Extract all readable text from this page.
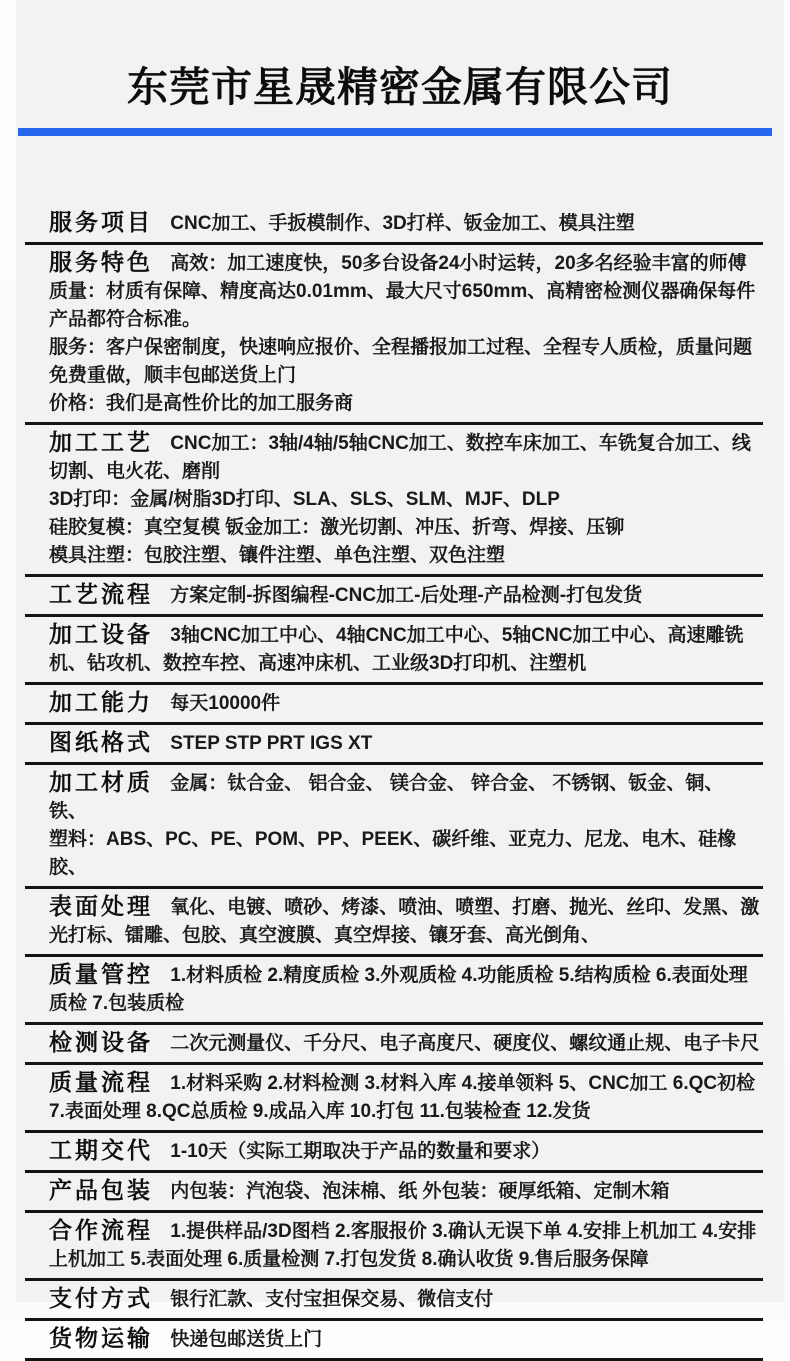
东莞市星晟精密金属有限公司
服务项目 CNC加工、手扳模制作、3D打样、钣金加工、模具注塑
服务特色 高效：加工速度快，50多台设备24小时运转，20多名经验丰富的师傅
质量：材质有保障、精度高达0.01mm、最大尺寸650mm、高精密检测仪器确保每件产品都符合标准。
服务：客户保密制度，快速响应报价、全程播报加工过程、全程专人质检，质量问题免费重做，顺丰包邮送货上门
价格：我们是高性价比的加工服务商
加工工艺 CNC加工：3轴/4轴/5轴CNC加工、数控车床加工、车铣复合加工、线切割、电火花、磨削
3D打印：金属/树脂3D打印、SLA、SLS、SLM、MJF、DLP
硅胶复模：真空复模 钣金加工：激光切割、冲压、折弯、焊接、压铆
模具注塑：包胶注塑、镶件注塑、单色注塑、双色注塑
工艺流程 方案定制-拆图编程-CNC加工-后处理-产品检测-打包发货
加工设备 3轴CNC加工中心、4轴CNC加工中心、5轴CNC加工中心、高速雕铣机、钻攻机、数控车控、高速冲床机、工业级3D打印机、注塑机
加工能力 每天10000件
图纸格式 STEP STP PRT IGS XT
加工材质 金属：钛合金、 铝合金、 镁合金、 锌合金、 不锈钢、钣金、铜、 铁、
塑料：ABS、PC、PE、POM、PP、PEEK、碳纤维、亚克力、尼龙、电木、硅橡胶、
表面处理 氧化、电镀、喷砂、烤漆、喷油、喷塑、打磨、抛光、丝印、发黑、激光打标、镭雕、包胶、真空渡膜、真空焊接、镶牙套、高光倒角、
质量管控 1.材料质检 2.精度质检 3.外观质检 4.功能质检 5.结构质检 6.表面处理质检 7.包装质检
检测设备 二次元测量仪、千分尺、电子高度尺、硬度仪、螺纹通止规、电子卡尺
质量流程 1.材料采购 2.材料检测 3.材料入库 4.接单领料 5、CNC加工 6.QC初检 7.表面处理 8.QC总质检 9.成品入库 10.打包 11.包装检查 12.发货
工期交代 1-10天（实际工期取决于产品的数量和要求）
产品包装 内包装：汽泡袋、泡沫棉、纸 外包装：硬厚纸箱、定制木箱
合作流程 1.提供样品/3D图档 2.客服报价 3.确认无误下单 4.安排上机加工 4.安排上机加工 5.表面处理 6.质量检测 7.打包发货 8.确认收货 9.售后服务保障
支付方式 银行汇款、支付宝担保交易、微信支付
货物运输 快递包邮送货上门
